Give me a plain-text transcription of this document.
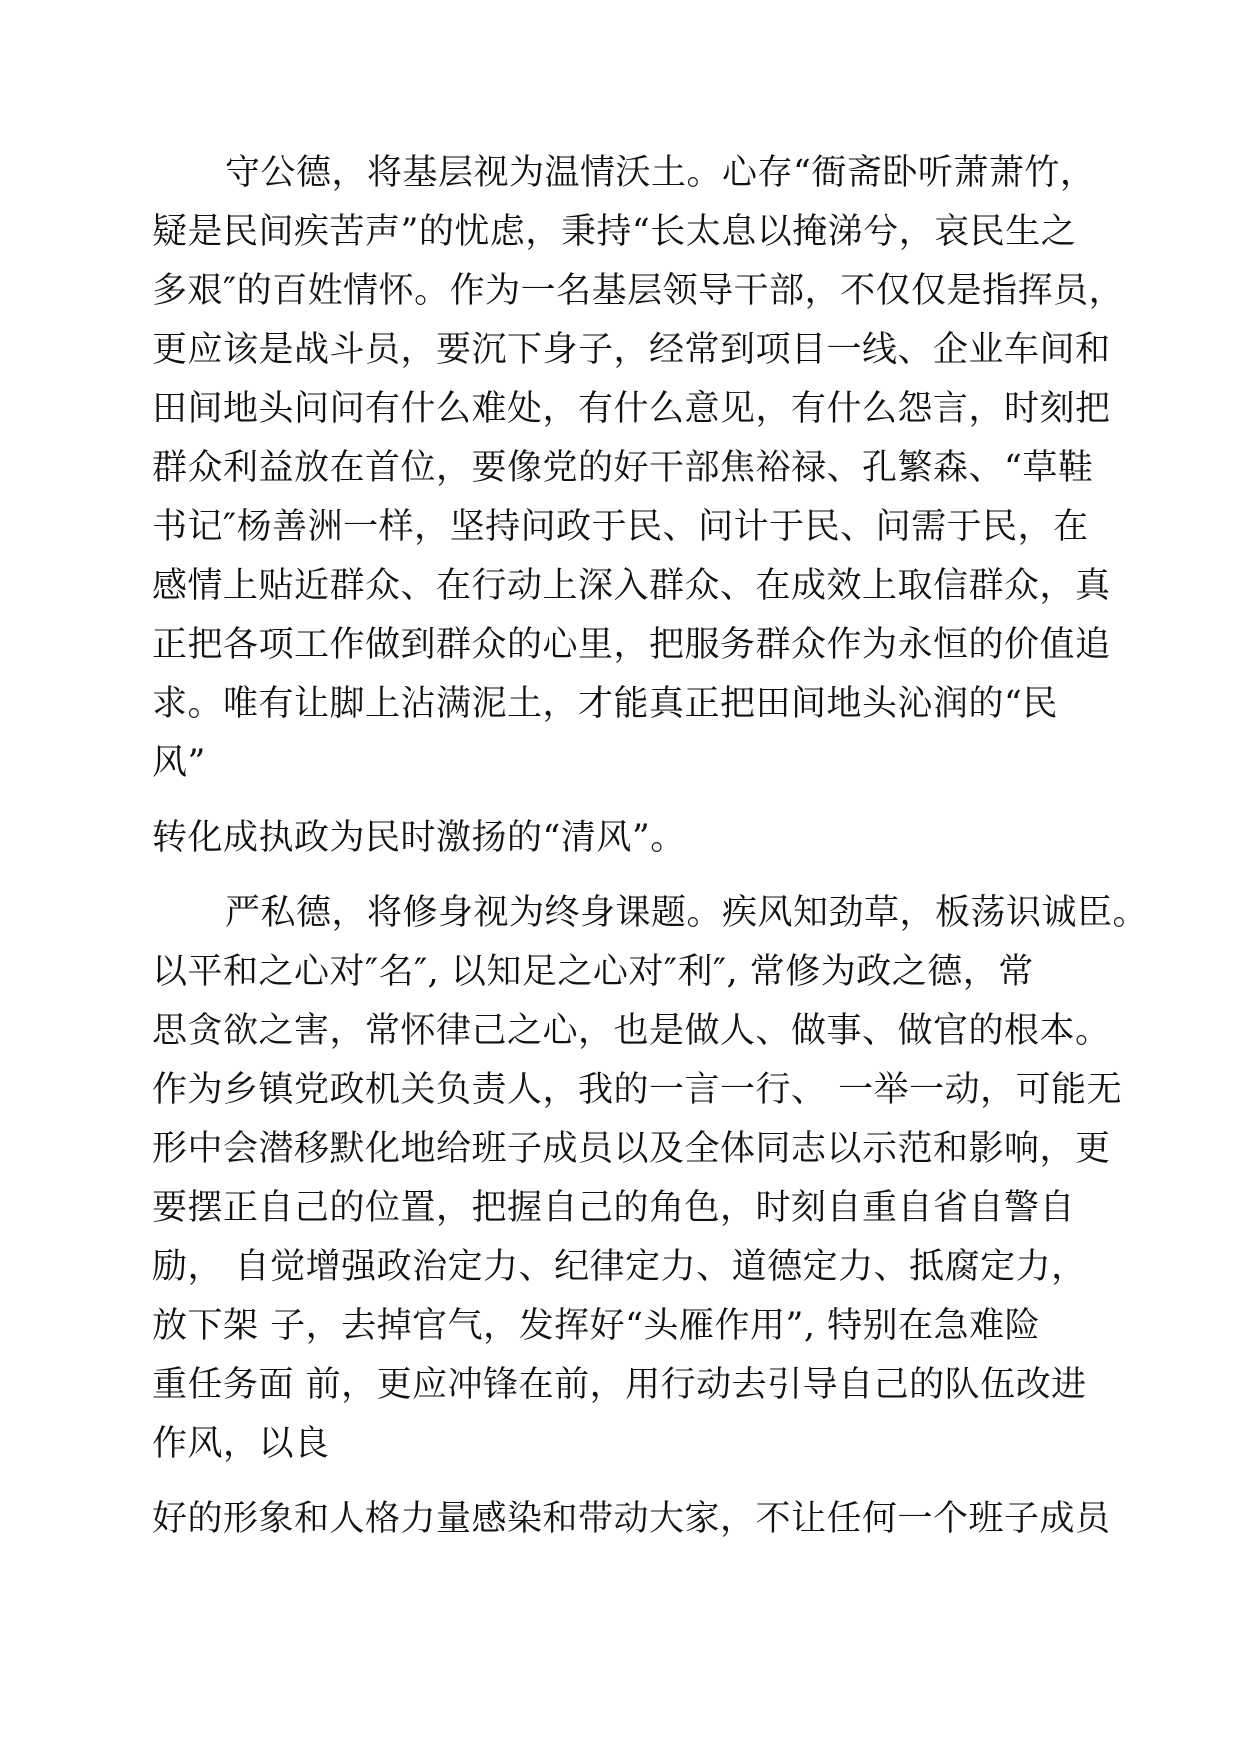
守公德，将基层视为温情沃土。心存“衙斋卧听萧萧竹，
疑是民间疾苦声”的忧虑，秉持“长太息以掩涕兮，哀民生之
多艰″的百姓情怀。作为一名基层领导干部，不仅仅是指挥员，
更应该是战斗员，要沉下身子，经常到项目一线、企业车间和
田间地头问问有什么难处，有什么意见，有什么怨言，时刻把
群众利益放在首位，要像党的好干部焦裕禄、孔繁森、“草鞋
书记″杨善洲一样，坚持问政于民、问计于民、问需于民，在
感情上贴近群众、在行动上深入群众、在成效上取信群众，真
正把各项工作做到群众的心里，把服务群众作为永恒的价值追
求。唯有让脚上沾满泥土，才能真正把田间地头沁润的“民
风”
转化成执政为民时激扬的“清风”。
严私德，将修身视为终身课题。疾风知劲草，板荡识诚臣。
以平和之心对″名″, 以知足之心对″利″, 常修为政之德，常
思贪欲之害，常怀律己之心，也是做人、做事、做官的根本。
作为乡镇党政机关负责人，我的一言一行、 一举一动，可能无
形中会潜移默化地给班子成员以及全体同志以示范和影响，更
要摆正自己的位置，把握自己的角色，时刻自重自省自警自
励， 自觉增强政治定力、纪律定力、道德定力、抵腐定力，
放下架 子，去掉官气，发挥好“头雁作用”, 特别在急难险
重任务面 前，更应冲锋在前，用行动去引导自己的队伍改进
作风，以良
好的形象和人格力量感染和带动大家，不让任何一个班子成员
